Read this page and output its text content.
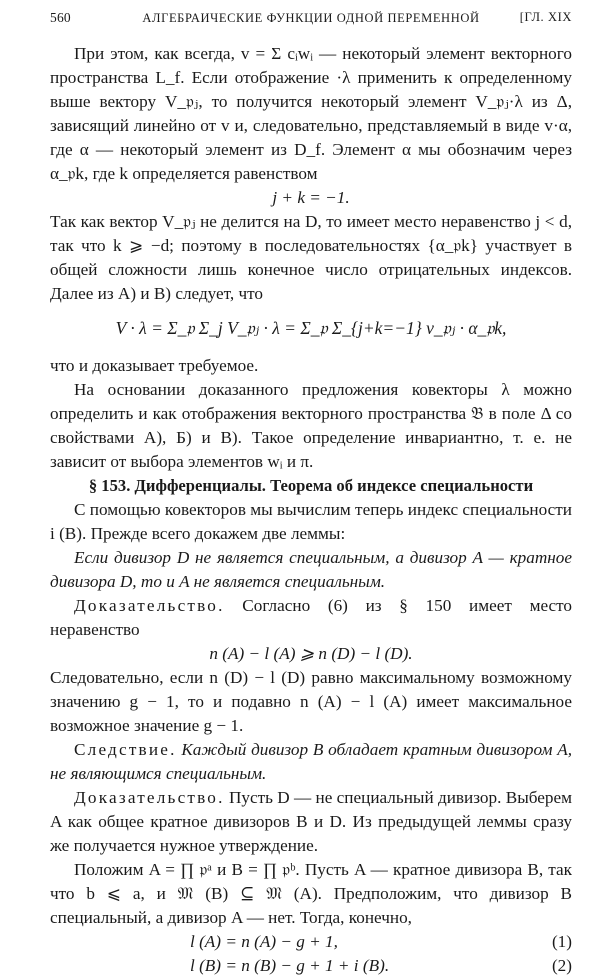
560	АЛГЕБРАИЧЕСКИЕ ФУНКЦИИ ОДНОЙ ПЕРЕМЕННОЙ	[ГЛ. XIX

При этом, как всегда, v = Σ cᵢwᵢ — некоторый элемент векторного пространства L_f. Если отображение ·λ применить к определенному выше вектору V_𝔭ⱼ, то получится некоторый элемент V_𝔭ⱼ·λ из Δ, зависящий линейно от v и, следовательно, представляемый в виде v·α, где α — некоторый элемент из D_f. Элемент α мы обозначим через α_𝔭k, где k определяется равенством

j + k = −1.

Так как вектор V_𝔭ⱼ не делится на D, то имеет место неравенство j < d, так что k ⩾ −d; поэтому в последовательностях {α_𝔭k} участвует в общей сложности лишь конечное число отрицательных индексов. Далее из A) и B) следует, что

V · λ = Σ_𝔭 Σ_j V_𝔭ⱼ · λ = Σ_𝔭 Σ_{j+k=−1} v_𝔭ⱼ · α_𝔭k,

что и доказывает требуемое.

На основании доказанного предложения ковекторы λ можно определить и как отображения векторного пространства 𝔅 в поле Δ со свойствами А), Б) и В). Такое определение инвариантно, т. е. не зависит от выбора элементов wᵢ и π.

§ 153. Дифференциалы. Теорема об индексе специальности

С помощью ковекторов мы вычислим теперь индекс специальности i (B). Прежде всего докажем две леммы:

Если дивизор D не является специальным, а дивизор A — кратное дивизора D, то и A не является специальным.

Доказательство. Согласно (6) из § 150 имеет место неравенство

n (A) − l (A) ⩾ n (D) − l (D).

Следовательно, если n (D) − l (D) равно максимальному возможному значению g − 1, то и подавно n (A) − l (A) имеет максимальное возможное значение g − 1.

Следствие. Каждый дивизор B обладает кратным дивизором A, не являющимся специальным.

Доказательство. Пусть D — не специальный дивизор. Выберем A как общее кратное дивизоров B и D. Из предыдущей леммы сразу же получается нужное утверждение.

Положим A = ∏ 𝔭ᵃ и B = ∏ 𝔭ᵇ. Пусть A — кратное дивизора B, так что b ⩽ a, и 𝔐 (B) ⊆ 𝔐 (A). Предположим, что дивизор B специальный, а дивизор A — нет. Тогда, конечно,

l (A) = n (A) − g + 1,	(1)
l (B) = n (B) − g + 1 + i (B).	(2)
